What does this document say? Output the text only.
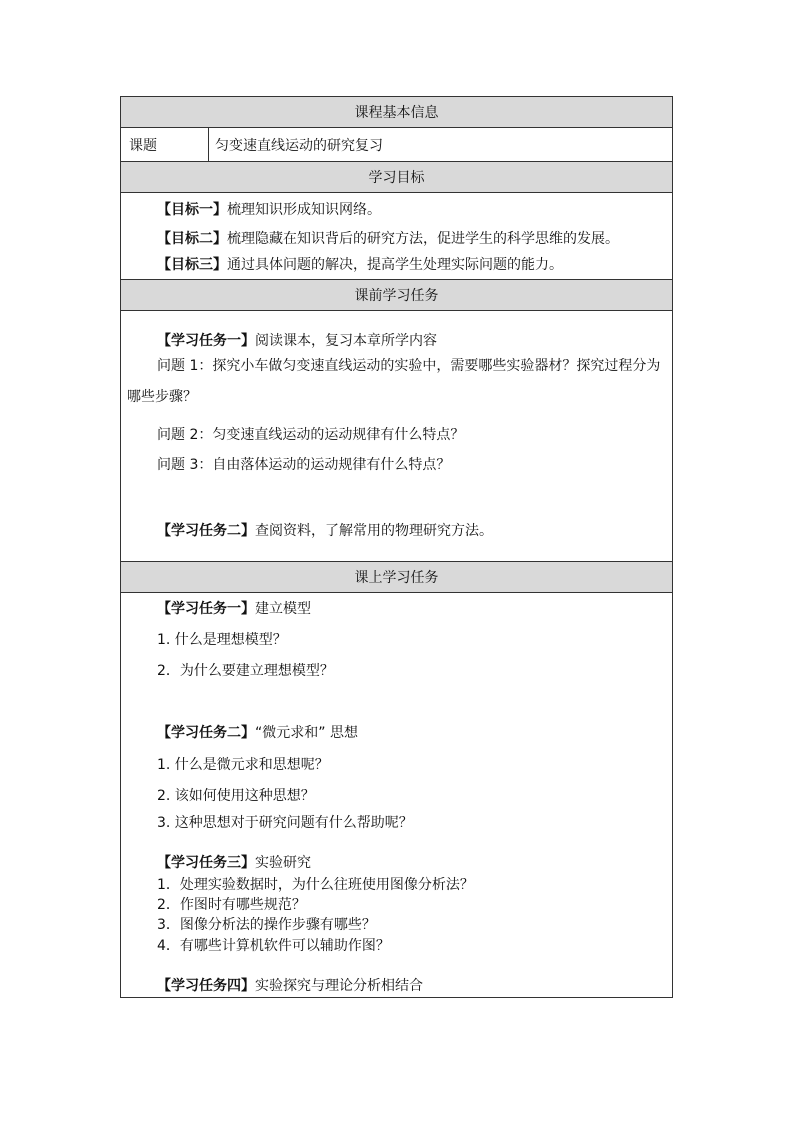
课程基本信息
课题	匀变速直线运动的研究复习
学习目标
【目标一】梳理知识形成知识网络。
【目标二】梳理隐藏在知识背后的研究方法，促进学生的科学思维的发展。
【目标三】通过具体问题的解决，提高学生处理实际问题的能力。
课前学习任务
【学习任务一】阅读课本，复习本章所学内容
问题 1：探究小车做匀变速直线运动的实验中，需要哪些实验器材？探究过程分为哪些步骤？
问题 2：匀变速直线运动的运动规律有什么特点？
问题 3：自由落体运动的运动规律有什么特点？
【学习任务二】查阅资料，了解常用的物理研究方法。
课上学习任务
【学习任务一】建立模型
1. 什么是理想模型？
2．为什么要建立理想模型？
【学习任务二】“微元求和” 思想
1. 什么是微元求和思想呢？
2. 该如何使用这种思想？
3. 这种思想对于研究问题有什么帮助呢？
【学习任务三】实验研究
1．处理实验数据时，为什么往班使用图像分析法？
2．作图时有哪些规范？
3．图像分析法的操作步骤有哪些？
4．有哪些计算机软件可以辅助作图？
【学习任务四】实验探究与理论分析相结合
